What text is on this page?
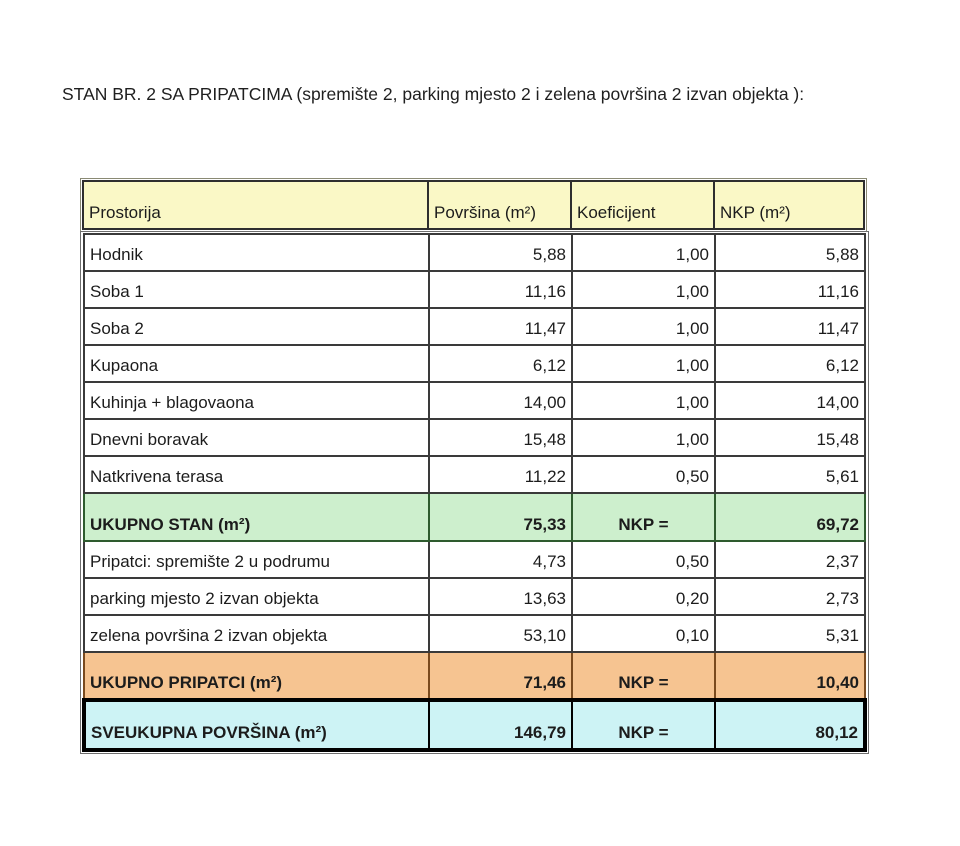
STAN BR. 2 SA PRIPATCIMA (spremište 2, parking mjesto 2 i zelena površina 2 izvan objekta ):
Prostorija	Površina (m²)	Koeficijent	NKP (m²)
Hodnik	5,88	1,00	5,88
Soba 1	11,16	1,00	11,16
Soba 2	11,47	1,00	11,47
Kupaona	6,12	1,00	6,12
Kuhinja + blagovaona	14,00	1,00	14,00
Dnevni boravak	15,48	1,00	15,48
Natkrivena terasa	11,22	0,50	5,61
UKUPNO STAN (m²)	75,33	NKP =	69,72
Pripatci: spremište 2 u podrumu	4,73	0,50	2,37
parking mjesto 2 izvan objekta	13,63	0,20	2,73
zelena površina 2 izvan objekta	53,10	0,10	5,31
UKUPNO PRIPATCI (m²)	71,46	NKP =	10,40
SVEUKUPNA POVRŠINA (m²)	146,79	NKP =	80,12
